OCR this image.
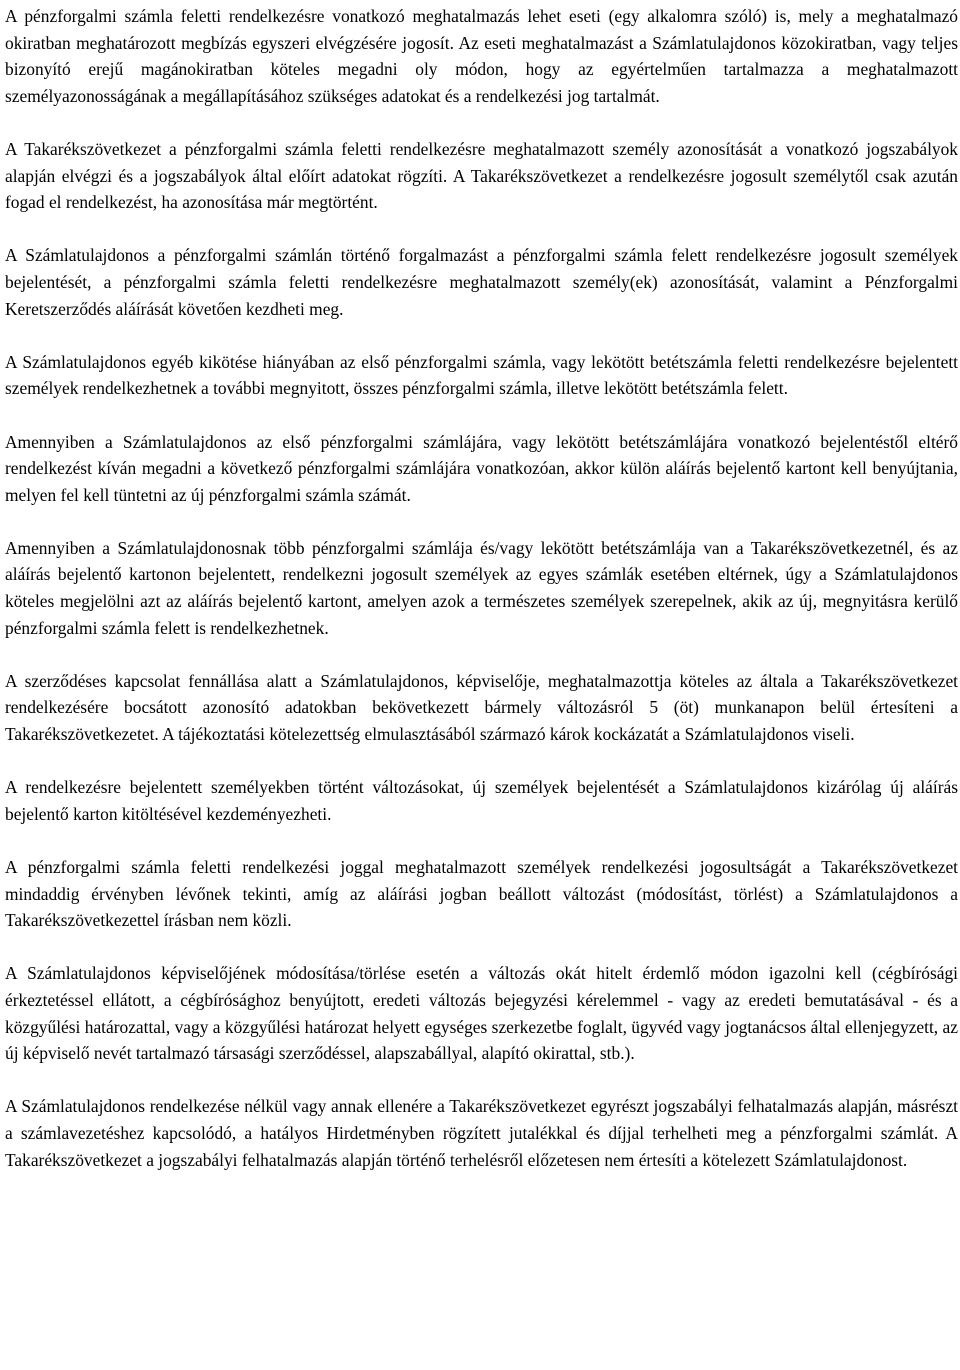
A pénzforgalmi számla feletti rendelkezésre vonatkozó meghatalmazás lehet eseti (egy alkalomra szóló) is, mely a meghatalmazó okiratban meghatározott megbízás egyszeri elvégzésére jogosít. Az eseti meghatalmazást a Számlatulajdonos közokiratban, vagy teljes bizonyító erejű magánokiratban köteles megadni oly módon, hogy az egyértelműen tartalmazza a meghatalmazott személyazonosságának a megállapításához szükséges adatokat és a rendelkezési jog tartalmát.

A Takarékszövetkezet a pénzforgalmi számla feletti rendelkezésre meghatalmazott személy azonosítását a vonatkozó jogszabályok alapján elvégzi és a jogszabályok által előírt adatokat rögzíti. A Takarékszövetkezet a rendelkezésre jogosult személytől csak azután fogad el rendelkezést, ha azonosítása már megtörtént.

A Számlatulajdonos a pénzforgalmi számlán történő forgalmazást a pénzforgalmi számla felett rendelkezésre jogosult személyek bejelentését, a pénzforgalmi számla feletti rendelkezésre meghatalmazott személy(ek) azonosítását, valamint a Pénzforgalmi Keretszerződés aláírását követően kezdheti meg.

A Számlatulajdonos egyéb kikötése hiányában az első pénzforgalmi számla, vagy lekötött betétszámla feletti rendelkezésre bejelentett személyek rendelkezhetnek a további megnyitott, összes pénzforgalmi számla, illetve lekötött betétszámla felett.

Amennyiben a Számlatulajdonos az első pénzforgalmi számlájára, vagy lekötött betétszámlájára vonatkozó bejelentéstől eltérő rendelkezést kíván megadni a következő pénzforgalmi számlájára vonatkozóan, akkor külön aláírás bejelentő kartont kell benyújtania, melyen fel kell tüntetni az új pénzforgalmi számla számát.

Amennyiben a Számlatulajdonosnak több pénzforgalmi számlája és/vagy lekötött betétszámlája van a Takarékszövetkezetnél, és az aláírás bejelentő kartonon bejelentett, rendelkezni jogosult személyek az egyes számlák esetében eltérnek, úgy a Számlatulajdonos köteles megjelölni azt az aláírás bejelentő kartont, amelyen azok a természetes személyek szerepelnek, akik az új, megnyitásra kerülő pénzforgalmi számla felett is rendelkezhetnek.

A szerződéses kapcsolat fennállása alatt a Számlatulajdonos, képviselője, meghatalmazottja köteles az általa a Takarékszövetkezet rendelkezésére bocsátott azonosító adatokban bekövetkezett bármely változásról 5 (öt) munkanapon belül értesíteni a Takarékszövetkezetet. A tájékoztatási kötelezettség elmulasztásából származó károk kockázatát a Számlatulajdonos viseli.

A rendelkezésre bejelentett személyekben történt változásokat, új személyek bejelentését a Számlatulajdonos kizárólag új aláírás bejelentő karton kitöltésével kezdeményezheti.

A pénzforgalmi számla feletti rendelkezési joggal meghatalmazott személyek rendelkezési jogosultságát a Takarékszövetkezet mindaddig érvényben lévőnek tekinti, amíg az aláírási jogban beállott változást (módosítást, törlést) a Számlatulajdonos a Takarékszövetkezettel írásban nem közli.

A Számlatulajdonos képviselőjének módosítása/törlése esetén a változás okát hitelt érdemlő módon igazolni kell (cégbírósági érkeztetéssel ellátott, a cégbírósághoz benyújtott, eredeti változás bejegyzési kérelemmel - vagy az eredeti bemutatásával - és a közgyűlési határozattal, vagy a közgyűlési határozat helyett egységes szerkezetbe foglalt, ügyvéd vagy jogtanácsos által ellenjegyzett, az új képviselő nevét tartalmazó társasági szerződéssel, alapszabállyal, alapító okirattal, stb.).

A Számlatulajdonos rendelkezése nélkül vagy annak ellenére a Takarékszövetkezet egyrészt jogszabályi felhatalmazás alapján, másrészt a számlavezetéshez kapcsolódó, a hatályos Hirdetményben rögzített jutalékkal és díjjal terhelheti meg a pénzforgalmi számlát. A Takarékszövetkezet a jogszabályi felhatalmazás alapján történő terhelésről előzetesen nem értesíti a kötelezett Számlatulajdonost.
